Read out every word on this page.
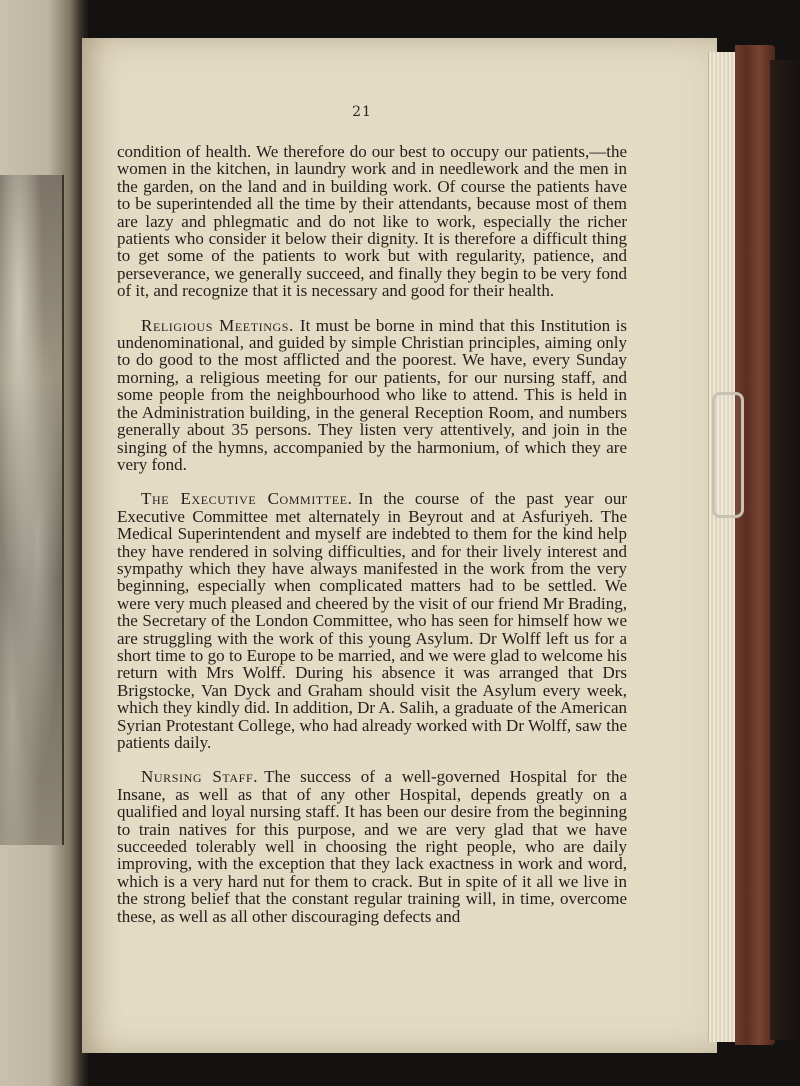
21

condition of health. We therefore do our best to occupy our patients,—the women in the kitchen, in laundry work and in needlework and the men in the garden, on the land and in building work. Of course the patients have to be superintended all the time by their attendants, because most of them are lazy and phlegmatic and do not like to work, especially the richer patients who consider it below their dignity. It is therefore a difficult thing to get some of the patients to work but with regularity, patience, and perseverance, we generally succeed, and finally they begin to be very fond of it, and recognize that it is necessary and good for their health.

Religious Meetings. It must be borne in mind that this Institution is undenominational, and guided by simple Christian principles, aiming only to do good to the most afflicted and the poorest. We have, every Sunday morning, a religious meeting for our patients, for our nursing staff, and some people from the neighbourhood who like to attend. This is held in the Administration building, in the general Reception Room, and numbers generally about 35 persons. They listen very attentively, and join in the singing of the hymns, accompanied by the harmonium, of which they are very fond.

The Executive Committee. In the course of the past year our Executive Committee met alternately in Beyrout and at Asfuriyeh. The Medical Superintendent and myself are indebted to them for the kind help they have rendered in solving difficulties, and for their lively interest and sympathy which they have always manifested in the work from the very beginning, especially when complicated matters had to be settled. We were very much pleased and cheered by the visit of our friend Mr Brading, the Secretary of the London Committee, who has seen for himself how we are struggling with the work of this young Asylum. Dr Wolff left us for a short time to go to Europe to be married, and we were glad to welcome his return with Mrs Wolff. During his absence it was arranged that Drs Brigstocke, Van Dyck and Graham should visit the Asylum every week, which they kindly did. In addition, Dr A. Salih, a graduate of the American Syrian Protestant College, who had already worked with Dr Wolff, saw the patients daily.

Nursing Staff. The success of a well-governed Hospital for the Insane, as well as that of any other Hospital, depends greatly on a qualified and loyal nursing staff. It has been our desire from the beginning to train natives for this purpose, and we are very glad that we have succeeded tolerably well in choosing the right people, who are daily improving, with the exception that they lack exactness in work and word, which is a very hard nut for them to crack. But in spite of it all we live in the strong belief that the constant regular training will, in time, overcome these, as well as all other discouraging defects and
